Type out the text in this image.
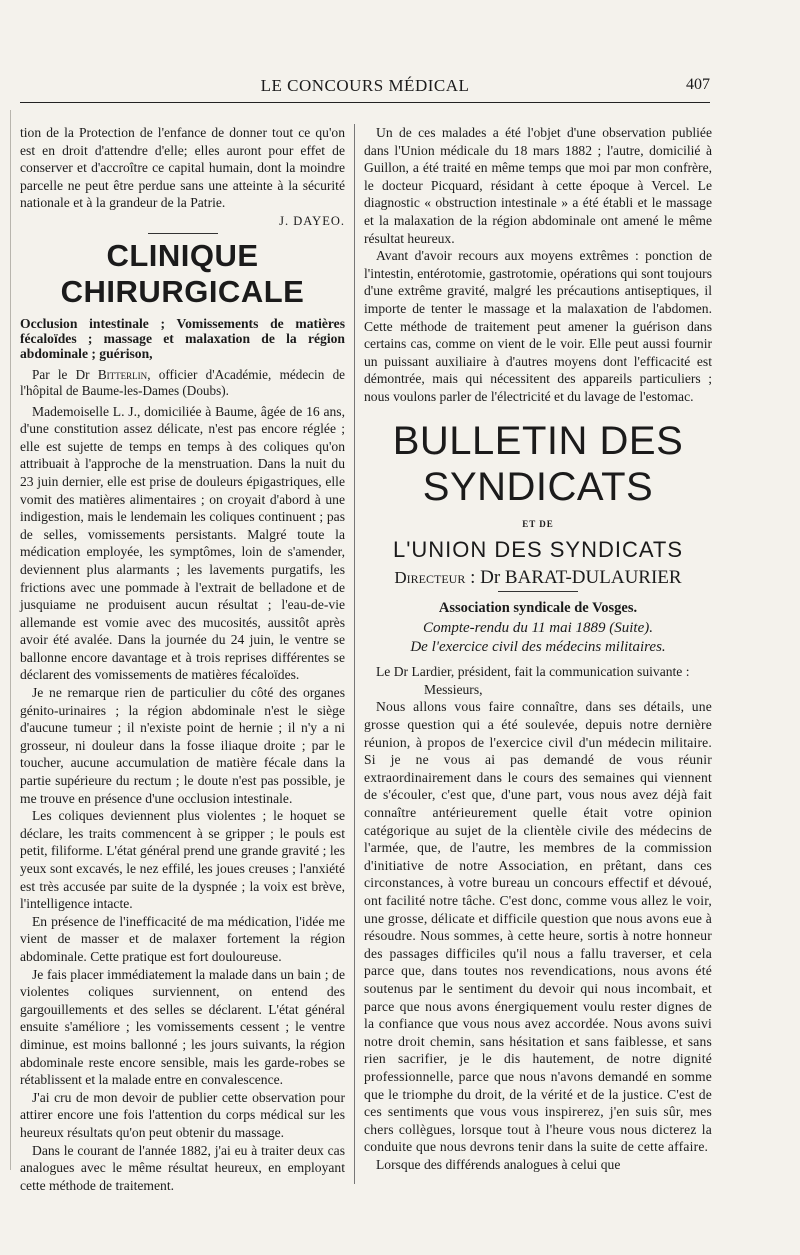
LE CONCOURS MÉDICAL	407

tion de la Protection de l'enfance de donner tout ce qu'on est en droit d'attendre d'elle; elles auront pour effet de conserver et d'accroître ce capital humain, dont la moindre parcelle ne peut être perdue sans une atteinte à la sécurité nationale et à la grandeur de la Patrie.

J. DAYEO.
CLINIQUE CHIRURGICALE

Occlusion intestinale ; Vomissements de matières fécaloïdes ; massage et malaxation de la région abdominale ; guérison,

Par le Dr Bitterlin, officier d'Académie, médecin de l'hôpital de Baume-les-Dames (Doubs).

Mademoiselle L. J., domiciliée à Baume, âgée de 16 ans, d'une constitution assez délicate, n'est pas encore réglée ; elle est sujette de temps en temps à des coliques qu'on attribuait à l'approche de la menstruation. Dans la nuit du 23 juin dernier, elle est prise de douleurs épigastriques, elle vomit des matières alimentaires ; on croyait d'abord à une indigestion, mais le lendemain les coliques continuent ; pas de selles, vomissements persistants. Malgré toute la médication employée, les symptômes, loin de s'amender, deviennent plus alarmants ; les lavements purgatifs, les frictions avec une pommade à l'extrait de belladone et de jusquiame ne produisent aucun résultat ; l'eau-de-vie allemande est vomie avec des mucosités, aussitôt après avoir été avalée. Dans la journée du 24 juin, le ventre se ballonne encore davantage et à trois reprises différentes se déclarent des vomissements de matières fécaloïdes.

Je ne remarque rien de particulier du côté des organes génito-urinaires ; la région abdominale n'est le siège d'aucune tumeur ; il n'existe point de hernie ; il n'y a ni grosseur, ni douleur dans la fosse iliaque droite ; par le toucher, aucune accumulation de matière fécale dans la partie supérieure du rectum ; le doute n'est pas possible, je me trouve en présence d'une occlusion intestinale.

Les coliques deviennent plus violentes ; le hoquet se déclare, les traits commencent à se gripper ; le pouls est petit, filiforme. L'état général prend une grande gravité ; les yeux sont excavés, le nez effilé, les joues creuses ; l'anxiété est très accusée par suite de la dyspnée ; la voix est brève, l'intelligence intacte.

En présence de l'inefficacité de ma médication, l'idée me vient de masser et de malaxer fortement la région abdominale. Cette pratique est fort douloureuse.

Je fais placer immédiatement la malade dans un bain ; de violentes coliques surviennent, on entend des gargouillements et des selles se déclarent. L'état général ensuite s'améliore ; les vomissements cessent ; le ventre diminue, est moins ballonné ; les jours suivants, la région abdominale reste encore sensible, mais les garde-robes se rétablissent et la malade entre en convalescence.

J'ai cru de mon devoir de publier cette observation pour attirer encore une fois l'attention du corps médical sur les heureux résultats qu'on peut obtenir du massage.

Dans le courant de l'année 1882, j'ai eu à traiter deux cas analogues avec le même résultat heureux, en employant cette méthode de traitement.

Un de ces malades a été l'objet d'une observation publiée dans l'Union médicale du 18 mars 1882 ; l'autre, domicilié à Guillon, a été traité en même temps que moi par mon confrère, le docteur Picquard, résidant à cette époque à Vercel. Le diagnostic « obstruction intestinale » a été établi et le massage et la malaxation de la région abdominale ont amené le même résultat heureux.

Avant d'avoir recours aux moyens extrêmes : ponction de l'intestin, entérotomie, gastrotomie, opérations qui sont toujours d'une extrême gravité, malgré les précautions antiseptiques, il importe de tenter le massage et la malaxation de l'abdomen. Cette méthode de traitement peut amener la guérison dans certains cas, comme on vient de le voir. Elle peut aussi fournir un puissant auxiliaire à d'autres moyens dont l'efficacité est démontrée, mais qui nécessitent des appareils particuliers ; nous voulons parler de l'électricité et du lavage de l'estomac.

BULLETIN DES SYNDICATS
ET DE
L'UNION DES SYNDICATS
Directeur : Dr BARAT-DULAURIER
Association syndicale de Vosges.
Compte-rendu du 11 mai 1889 (Suite).
De l'exercice civil des médecins militaires.

Le Dr Lardier, président, fait la communication suivante :

Messieurs,

Nous allons vous faire connaître, dans ses détails, une grosse question qui a été soulevée, depuis notre dernière réunion, à propos de l'exercice civil d'un médecin militaire. Si je ne vous ai pas demandé de vous réunir extraordinairement dans le cours des semaines qui viennent de s'écouler, c'est que, d'une part, vous nous avez déjà fait connaître antérieurement quelle était votre opinion catégorique au sujet de la clientèle civile des médecins de l'armée, que, de l'autre, les membres de la commission d'initiative de notre Association, en prêtant, dans ces circonstances, à votre bureau un concours effectif et dévoué, ont facilité notre tâche. C'est donc, comme vous allez le voir, une grosse, délicate et difficile question que nous avons eue à résoudre. Nous sommes, à cette heure, sortis à notre honneur des passages difficiles qu'il nous a fallu traverser, et cela parce que, dans toutes nos revendications, nous avons été soutenus par le sentiment du devoir qui nous incombait, et parce que nous avons énergiquement voulu rester dignes de la confiance que vous nous avez accordée. Nous avons suivi notre droit chemin, sans hésitation et sans faiblesse, et sans rien sacrifier, je le dis hautement, de notre dignité professionnelle, parce que nous n'avons demandé en somme que le triomphe du droit, de la vérité et de la justice. C'est de ces sentiments que vous vous inspirerez, j'en suis sûr, mes chers collègues, lorsque tout à l'heure vous nous dicterez la conduite que nous devrons tenir dans la suite de cette affaire.

Lorsque des différends analogues à celui que
